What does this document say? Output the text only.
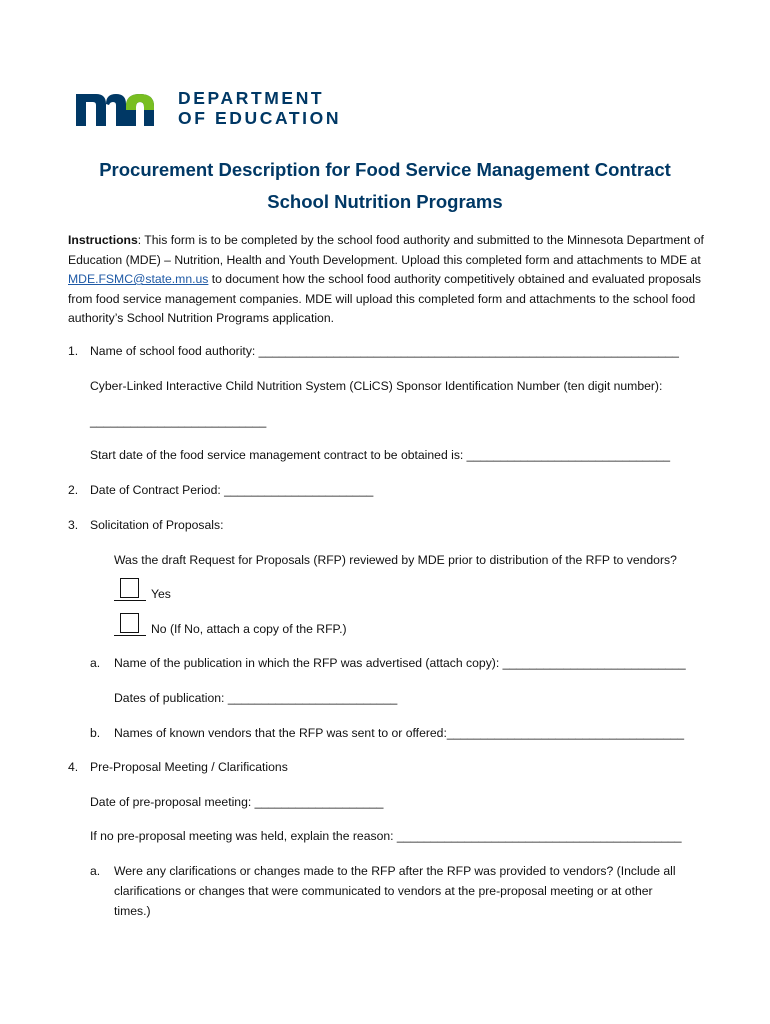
DEPARTMENT
OF EDUCATION
Procurement Description for Food Service Management Contract
School Nutrition Programs
Instructions: This form is to be completed by the school food authority and submitted to the Minnesota Department of Education (MDE) – Nutrition, Health and Youth Development. Upload this completed form and attachments to MDE at MDE.FSMC@state.mn.us to document how the school food authority competitively obtained and evaluated proposals from food service management companies. MDE will upload this completed form and attachments to the school food authority’s School Nutrition Programs application.
1. Name of school food authority: ______________________________________________________________
Cyber-Linked Interactive Child Nutrition System (CLiCS) Sponsor Identification Number (ten digit number):
__________________________
Start date of the food service management contract to be obtained is: ______________________________
2. Date of Contract Period: ______________________
3. Solicitation of Proposals:
Was the draft Request for Proposals (RFP) reviewed by MDE prior to distribution of the RFP to vendors?
Yes
No (If No, attach a copy of the RFP.)
a. Name of the publication in which the RFP was advertised (attach copy): ___________________________
Dates of publication: _________________________
b. Names of known vendors that the RFP was sent to or offered:___________________________________
4. Pre-Proposal Meeting / Clarifications
Date of pre-proposal meeting: ___________________
If no pre-proposal meeting was held, explain the reason: __________________________________________
a. Were any clarifications or changes made to the RFP after the RFP was provided to vendors? (Include all
clarifications or changes that were communicated to vendors at the pre-proposal meeting or at other
times.)
